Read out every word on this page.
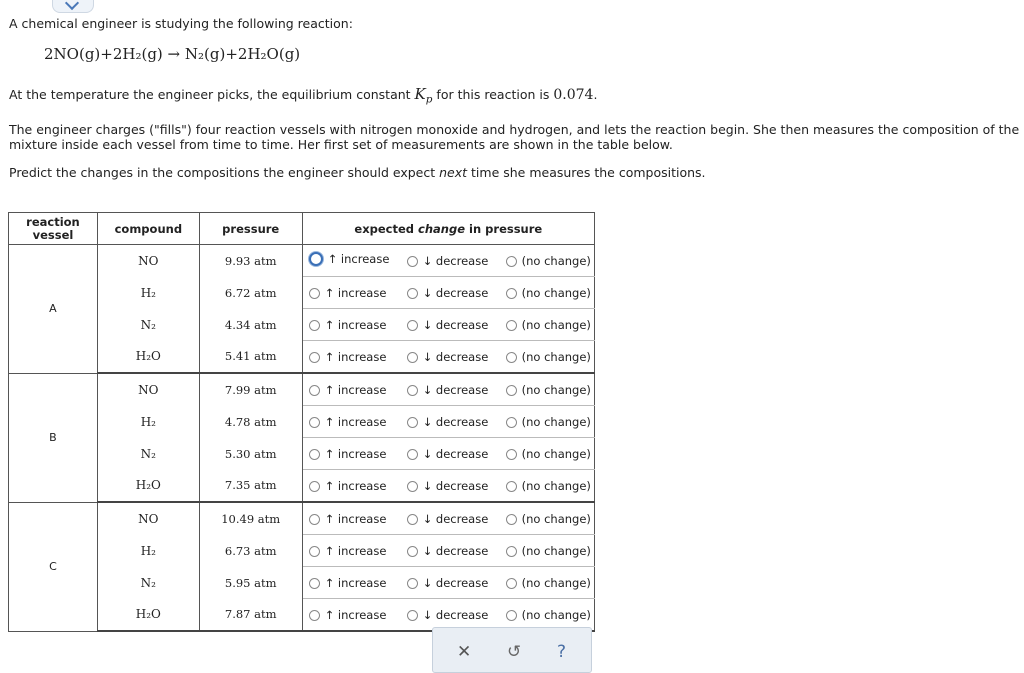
A chemical engineer is studying the following reaction:

2NO(g)+2H₂(g) → N₂(g)+2H₂O(g)

At the temperature the engineer picks, the equilibrium constant $K_p$ for this reaction is 0.074.

The engineer charges ("fills") four reaction vessels with nitrogen monoxide and hydrogen, and lets the reaction begin. She then measures the composition of the

mixture inside each vessel from time to time. Her first set of measurements are shown in the table below.

Predict the changes in the compositions the engineer should expect next time she measures the compositions.

reaction vessel	compound	pressure	expected change in pressure
A	NO	9.93 atm	↑ increase ↓ decrease (no change)

	H₂	6.72 atm	↑ increase ↓ decrease (no change)

	N₂	4.34 atm	↑ increase ↓ decrease (no change)

	H₂O	5.41 atm	↑ increase ↓ decrease (no change)

B	NO	7.99 atm	↑ increase ↓ decrease (no change)

	H₂	4.78 atm	↑ increase ↓ decrease (no change)

	N₂	5.30 atm	↑ increase ↓ decrease (no change)

	H₂O	7.35 atm	↑ increase ↓ decrease (no change)

C	NO	10.49 atm	↑ increase ↓ decrease (no change)

	H₂	6.73 atm	↑ increase ↓ decrease (no change)

	N₂	5.95 atm	↑ increase ↓ decrease (no change)

	H₂O	7.87 atm	↑ increase ↓ decrease (no change)
✕ ↺ ?
